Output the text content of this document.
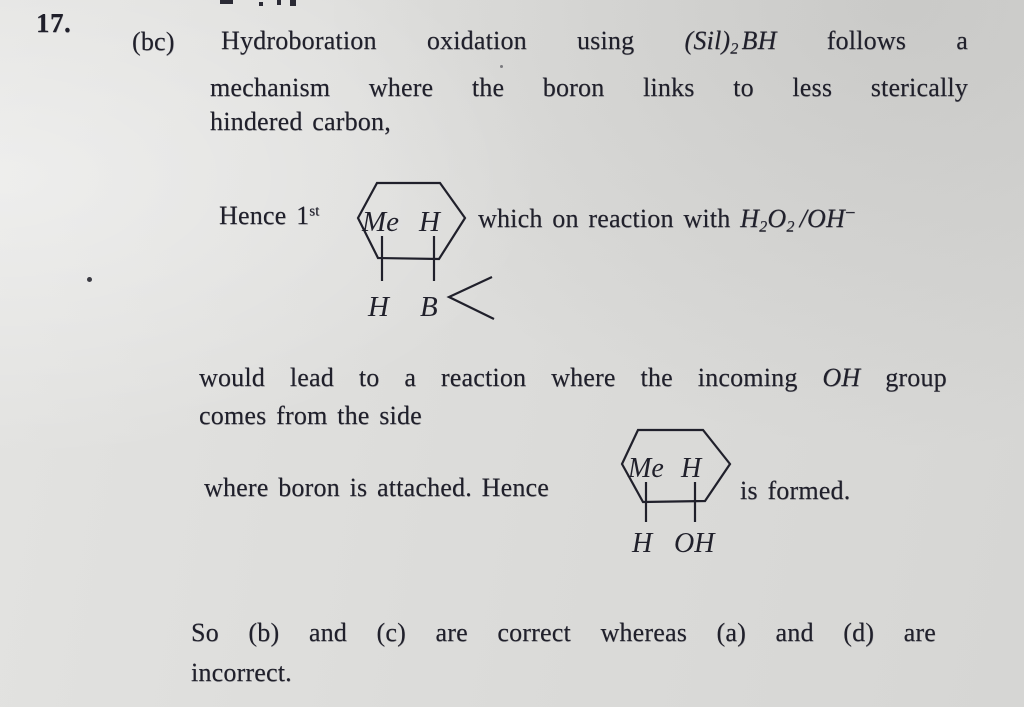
17.
(bc) Hydroboration oxidation using $(Sil)_2$ BH follows a
mechanism where the boron links to less sterically
hindered carbon,
Hence 1st Me H
H B
which on reaction with $H_2O_2$ /OH−
would lead to a reaction where the incoming OH group
comes from the side
where boron is attached. Hence
Me H
H OH
is formed.
So (b) and (c) are correct whereas (a) and (d) are
incorrect.
